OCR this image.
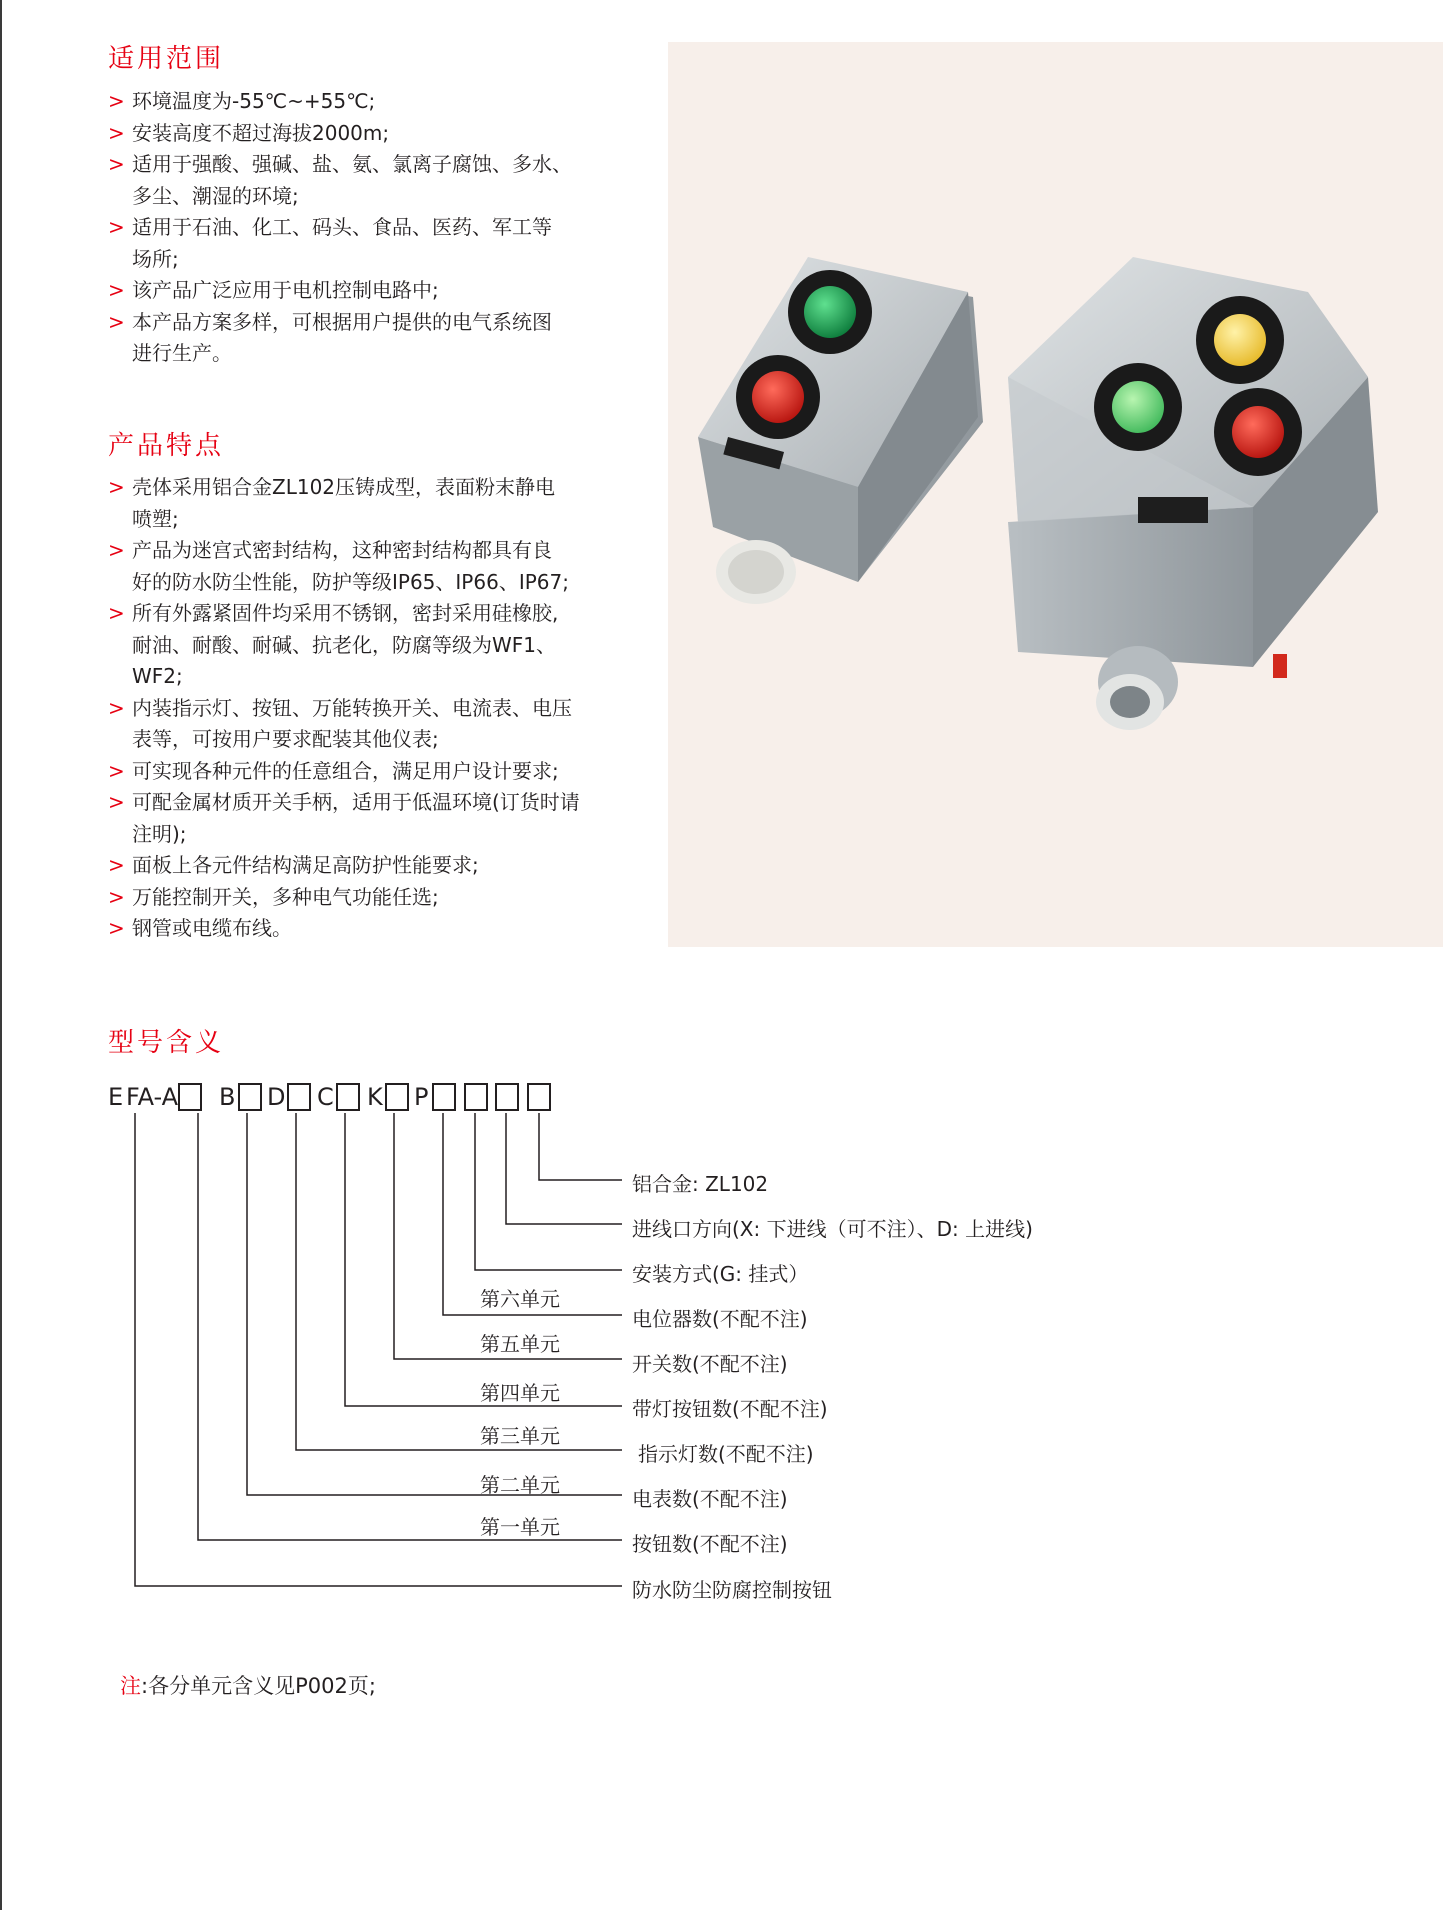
适用范围
> 环境温度为-55℃~+55℃;
> 安装高度不超过海拔2000m;
> 适用于强酸、强碱、盐、氨、氯离子腐蚀、多水、
多尘、潮湿的环境;
> 适用于石油、化工、码头、食品、医药、军工等
场所;
> 该产品广泛应用于电机控制电路中;
> 本产品方案多样，可根据用户提供的电气系统图
进行生产。
产品特点
> 壳体采用铝合金ZL102压铸成型，表面粉末静电
喷塑;
> 产品为迷宫式密封结构，这种密封结构都具有良
好的防水防尘性能，防护等级IP65、IP66、IP67;
> 所有外露紧固件均采用不锈钢，密封采用硅橡胶,
耐油、耐酸、耐碱、抗老化，防腐等级为WF1、
WF2;
> 内装指示灯、按钮、万能转换开关、电流表、电压
表等，可按用户要求配装其他仪表;
> 可实现各种元件的任意组合，满足用户设计要求;
> 可配金属材质开关手柄，适用于低温环境(订货时请
注明);
> 面板上各元件结构满足高防护性能要求;
> 万能控制开关，多种电气功能任选;
> 钢管或电缆布线。
型号含义
E FA-A B D C K P
第六单元
第五单元
第四单元
第三单元
第二单元
第一单元
铝合金: ZL102
进线口方向(X: 下进线（可不注）、D: 上进线)
安装方式(G: 挂式）
电位器数(不配不注)
开关数(不配不注)
带灯按钮数(不配不注)
指示灯数(不配不注)
电表数(不配不注)
按钮数(不配不注)
防水防尘防腐控制按钮
注:各分单元含义见P002页;
